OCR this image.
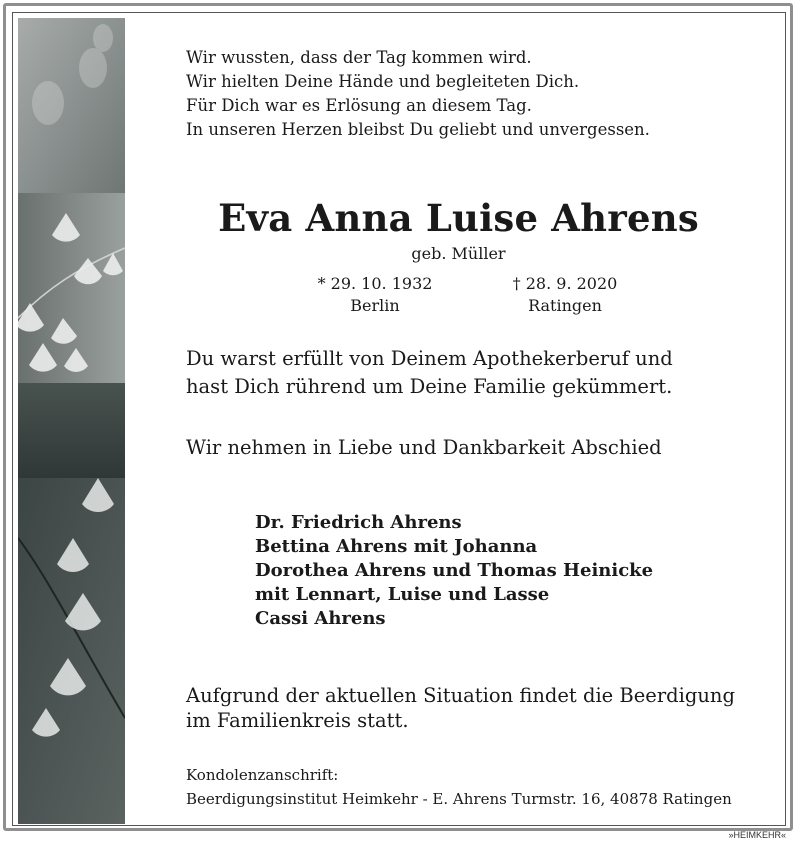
Wir wussten, dass der Tag kommen wird.
Wir hielten Deine Hände und begleiteten Dich.
Für Dich war es Erlösung an diesem Tag.
In unseren Herzen bleibst Du geliebt und unvergessen.
Eva Anna Luise Ahrens
geb. Müller
* 29. 10. 1932
Berlin
† 28. 9. 2020
Ratingen
Du warst erfüllt von Deinem Apothekerberuf und
hast Dich rührend um Deine Familie gekümmert.
Wir nehmen in Liebe und Dankbarkeit Abschied
Dr. Friedrich Ahrens
Bettina Ahrens mit Johanna
Dorothea Ahrens und Thomas Heinicke
mit Lennart, Luise und Lasse
Cassi Ahrens
Aufgrund der aktuellen Situation findet die Beerdigung
im Familienkreis statt.
Kondolenzanschrift:
Beerdigungsinstitut Heimkehr - E. Ahrens Turmstr. 16, 40878 Ratingen
»HEIMKEHR«
